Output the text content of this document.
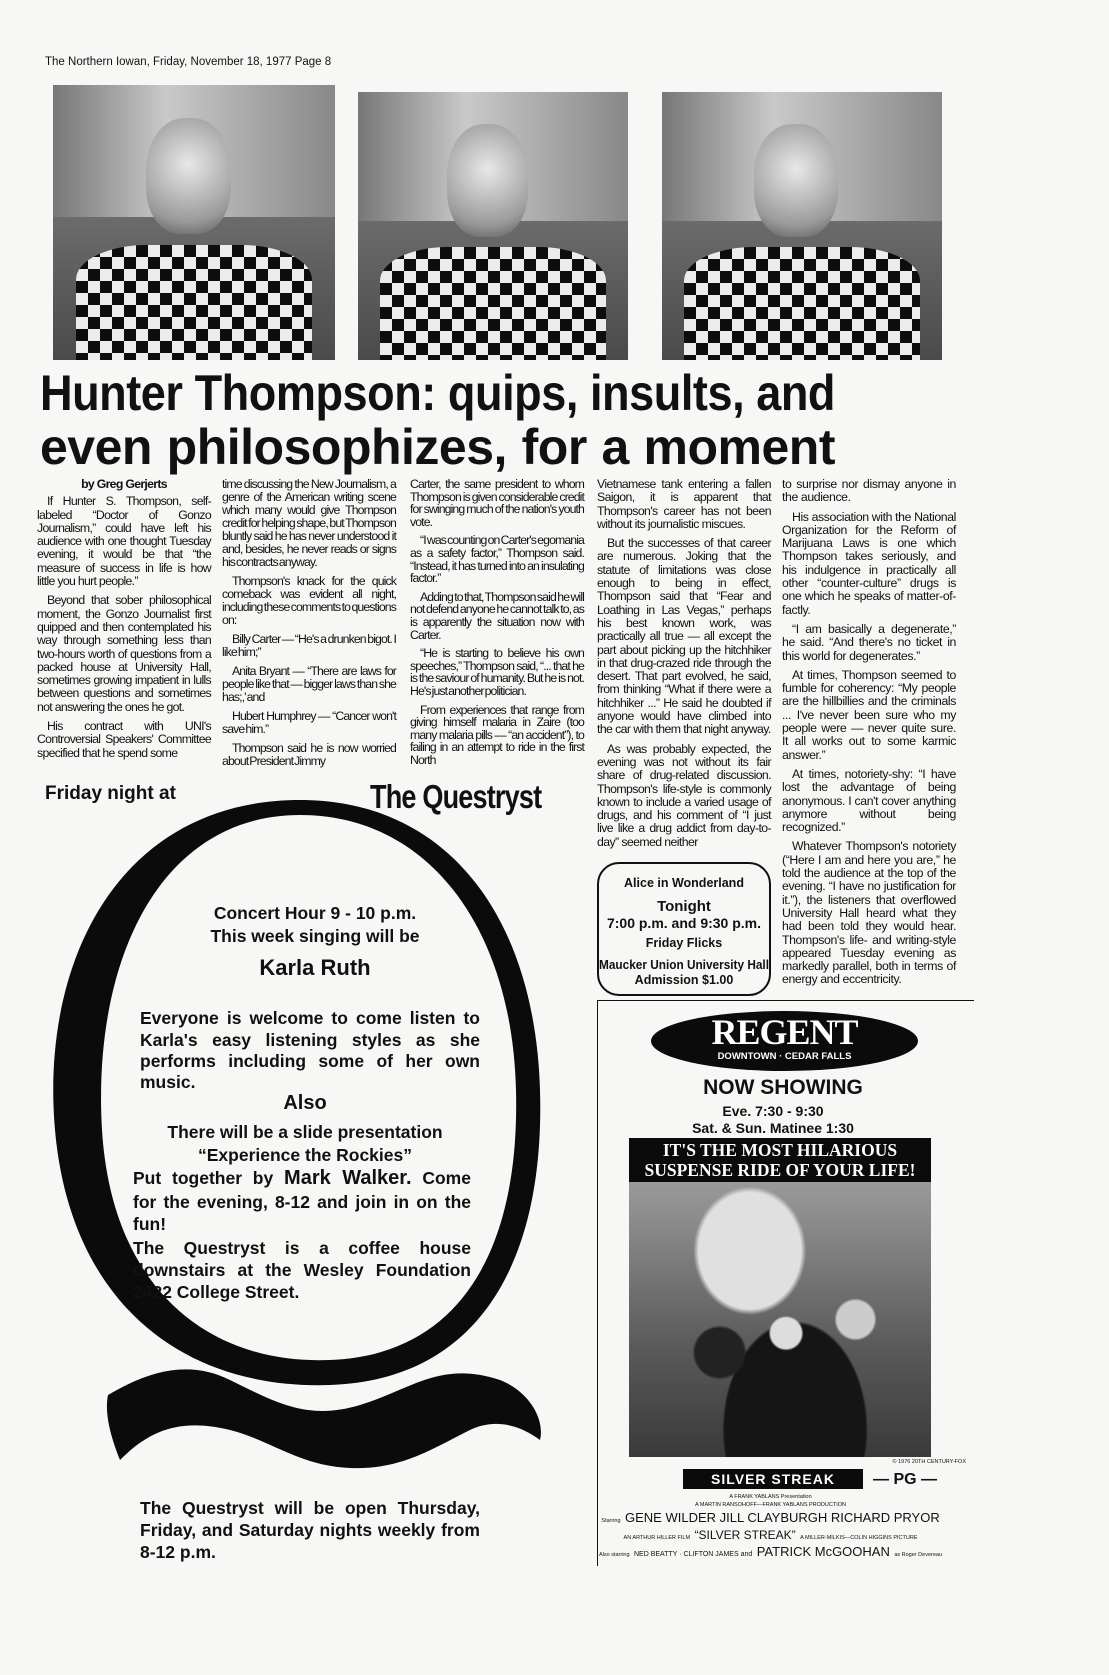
The Northern Iowan, Friday, November 18, 1977 Page 8
Hunter Thompson: quips, insults, and
even philosophizes, for a moment

by Greg Gerjerts

If Hunter S. Thompson, self-labeled “Doctor of Gonzo Journalism,” could have left his audience with one thought Tuesday evening, it would be that “the measure of success in life is how little you hurt people.”

Beyond that sober philosophical moment, the Gonzo Journalist first quipped and then contemplated his way through something less than two-hours worth of questions from a packed house at University Hall, sometimes growing impatient in lulls between questions and sometimes not answering the ones he got.

His contract with UNI's Controversial Speakers' Committee specified that he spend some

time discussing the New Journalism, a genre of the American writing scene which many would give Thompson credit for helping shape, but Thompson bluntly said he has never understood it and, besides, he never reads or signs his contracts anyway.

Thompson's knack for the quick comeback was evident all night, including these comments to questions on:

Billy Carter — “He's a drunken bigot. I like him;”

Anita Bryant — “There are laws for people like that — bigger laws than she has;,' and

Hubert Humphrey — “Cancer won't save him.”

Thompson said he is now worried about President Jimmy

Carter, the same president to whom Thompson is given considerable credit for swinging much of the nation's youth vote.

“I was counting on Carter's egomania as a safety factor,” Thompson said. “Instead, it has turned into an insulating factor.”

Adding to that, Thompson said he will not defend anyone he cannot talk to, as is apparently the situation now with Carter.

“He is starting to believe his own speeches,” Thompson said, “... that he is the saviour of humanity. But he is not. He's just another politician.

From experiences that range from giving himself malaria in Zaire (too many malaria pills — “an accident”), to failing in an attempt to ride in the first North

Vietnamese tank entering a fallen Saigon, it is apparent that Thompson's career has not been without its journalistic miscues.

But the successes of that career are numerous. Joking that the statute of limitations was close enough to being in effect, Thompson said that “Fear and Loathing in Las Vegas,” perhaps his best known work, was practically all true — all except the part about picking up the hitchhiker in that drug-crazed ride through the desert. That part evolved, he said, from thinking “What if there were a hitchhiker ...” He said he doubted if anyone would have climbed into the car with them that night anyway.

As was probably expected, the evening was not without its fair share of drug-related discussion. Thompson's life-style is commonly known to include a varied usage of drugs, and his comment of “I just live like a drug addict from day-to-day” seemed neither

to surprise nor dismay anyone in the audience.

His association with the National Organization for the Reform of Marijuana Laws is one which Thompson takes seriously, and his indulgence in practically all other “counter-culture” drugs is one which he speaks of matter-of-factly.

“I am basically a degenerate,” he said. “And there's no ticket in this world for degenerates.”

At times, Thompson seemed to fumble for coherency: “My people are the hillbillies and the criminals ... I've never been sure who my people were — never quite sure. It all works out to some karmic answer.”

At times, notoriety-shy: “I have lost the advantage of being anonymous. I can't cover anything anymore without being recognized.”

Whatever Thompson's notoriety (“Here I am and here you are,” he told the audience at the top of the evening. “I have no justification for it.”), the listeners that overflowed University Hall heard what they had been told they would hear. Thompson's life- and writing-style appeared Tuesday evening as markedly parallel, both in terms of energy and eccentricity.

Friday night at	The Questryst
Concert Hour 9 - 10 p.m.
This week singing will be
Karla Ruth
Everyone is welcome to come listen to
Karla's easy listening styles as she
performs including some of her own
music.
Also
There will be a slide presentation
“Experience the Rockies”
Put together by Mark Walker. Come
for the evening, 8-12 and join in on the
fun!
The Questryst is a coffee house
downstairs at the Wesley Foundation
2422 College Street.
The Questryst will be open Thursday,
Friday, and Saturday nights weekly from
8-12 p.m.
Alice in Wonderland
Tonight
7:00 p.m. and 9:30 p.m.
Friday Flicks
Maucker Union University Hall
Admission $1.00
REGENT
DOWNTOWN · CEDAR FALLS
NOW SHOWING
Eve. 7:30 - 9:30
Sat. & Sun. Matinee 1:30
IT'S THE MOST HILARIOUS
SUSPENSE RIDE OF YOUR LIFE!
© 1976 20TH CENTURY-FOX
SILVER STREAK	— PG —
A FRANK YABLANS Presentation
A MARTIN RANSOHOFF—FRANK YABLANS PRODUCTION
Starring GENE WILDER JILL CLAYBURGH RICHARD PRYOR
AN ARTHUR HILLER FILM “SILVER STREAK” A MILLER-MILKIS—COLIN HIGGINS PICTURE
Also starring NED BEATTY · CLIFTON JAMES and PATRICK McGOOHAN as Roger Devereau
